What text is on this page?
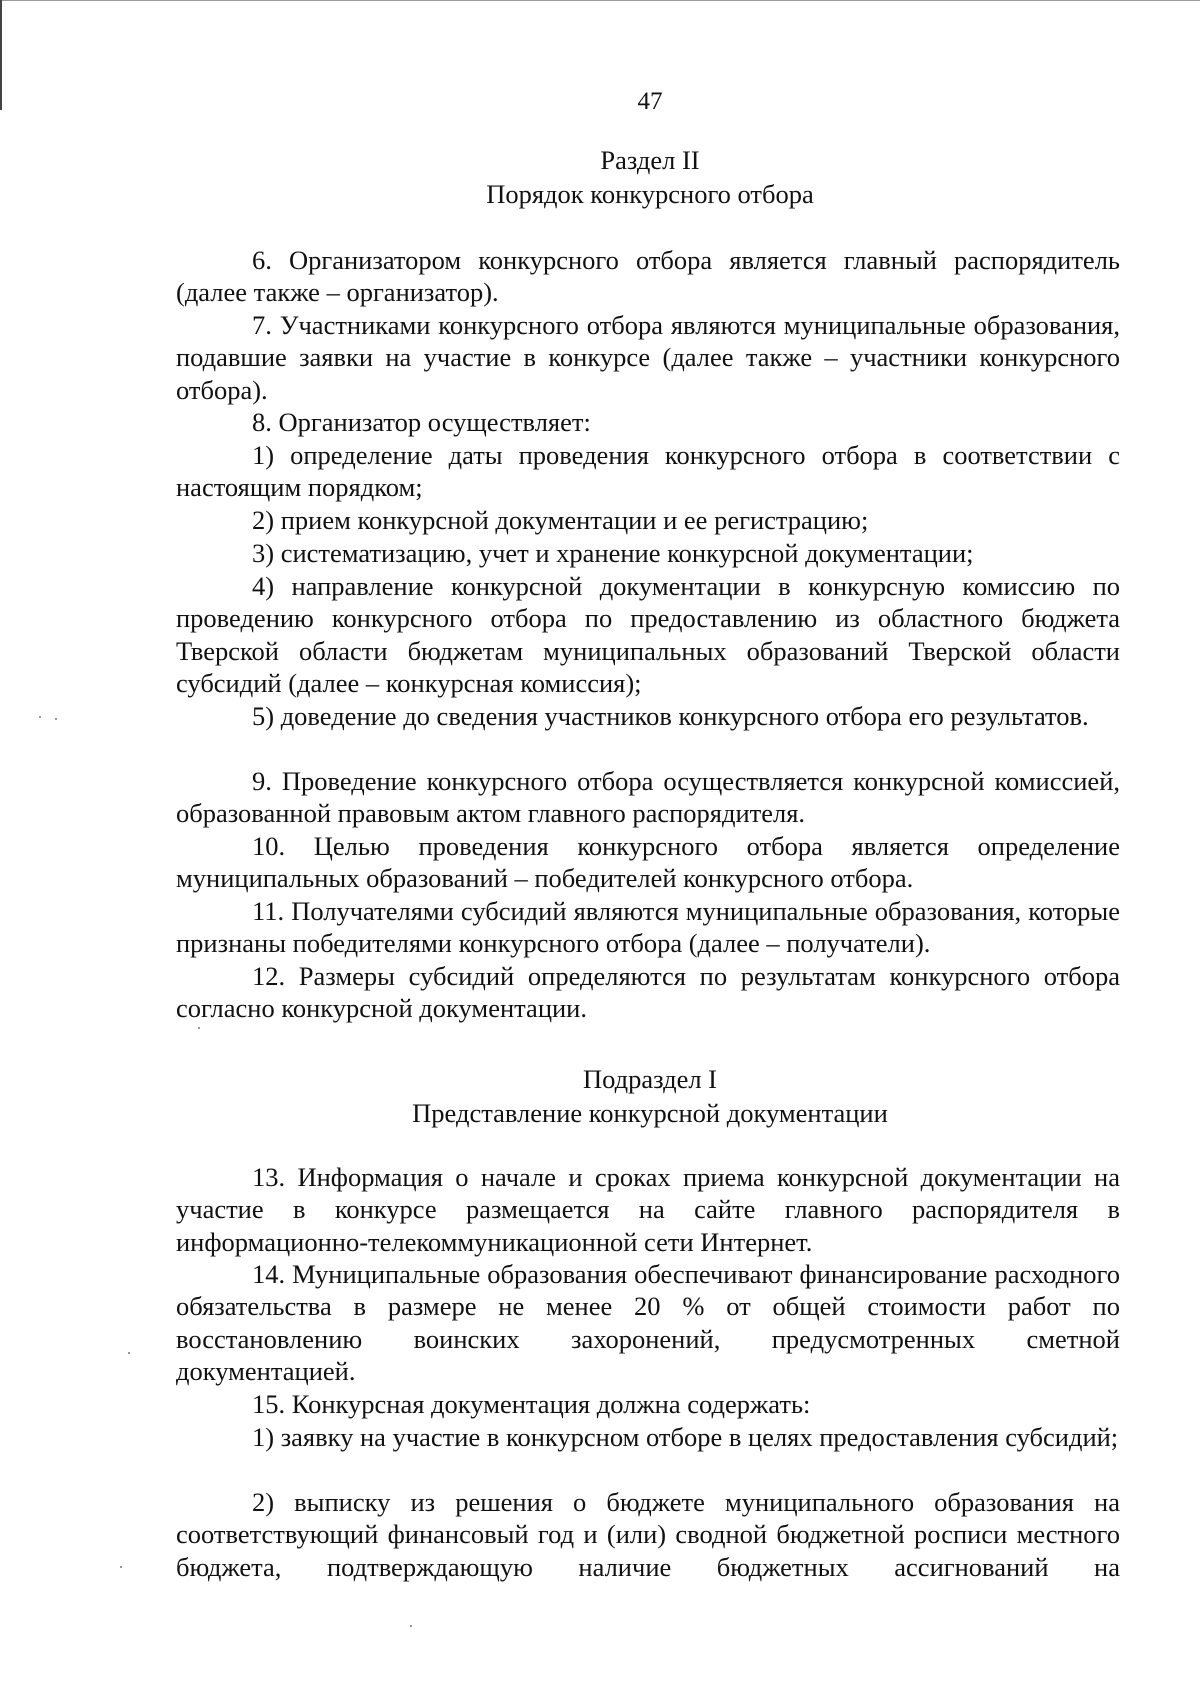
47
Раздел II
Порядок конкурсного отбора

6. Организатором конкурсного отбора является главный распорядитель (далее также – организатор).

7. Участниками конкурсного отбора являются муниципальные образования, подавшие заявки на участие в конкурсе (далее также – участники конкурсного отбора).

8. Организатор осуществляет:

1) определение даты проведения конкурсного отбора в соответствии с настоящим порядком;

2) прием конкурсной документации и ее регистрацию;

3) систематизацию, учет и хранение конкурсной документации;

4) направление конкурсной документации в конкурсную комиссию по проведению конкурсного отбора по предоставлению из областного бюджета Тверской области бюджетам муниципальных образований Тверской области субсидий (далее – конкурсная комиссия);

5) доведение до сведения участников конкурсного отбора его результатов.

9. Проведение конкурсного отбора осуществляется конкурсной комиссией, образованной правовым актом главного распорядителя.

10. Целью проведения конкурсного отбора является определение муниципальных образований – победителей конкурсного отбора.

11. Получателями субсидий являются муниципальные образования, которые признаны победителями конкурсного отбора (далее – получатели).

12. Размеры субсидий определяются по результатам конкурсного отбора согласно конкурсной документации.

Подраздел I
Представление конкурсной документации

13. Информация о начале и сроках приема конкурсной документации на участие в конкурсе размещается на сайте главного распорядителя в информационно-телекоммуникационной сети Интернет.

14. Муниципальные образования обеспечивают финансирование расходного обязательства в размере не менее 20 % от общей стоимости работ по восстановлению воинских захоронений, предусмотренных сметной документацией.

15. Конкурсная документация должна содержать:

1) заявку на участие в конкурсном отборе в целях предоставления субсидий;

2) выписку из решения о бюджете муниципального образования на соответствующий финансовый год и (или) сводной бюджетной росписи местного бюджета, подтверждающую наличие бюджетных ассигнований на
